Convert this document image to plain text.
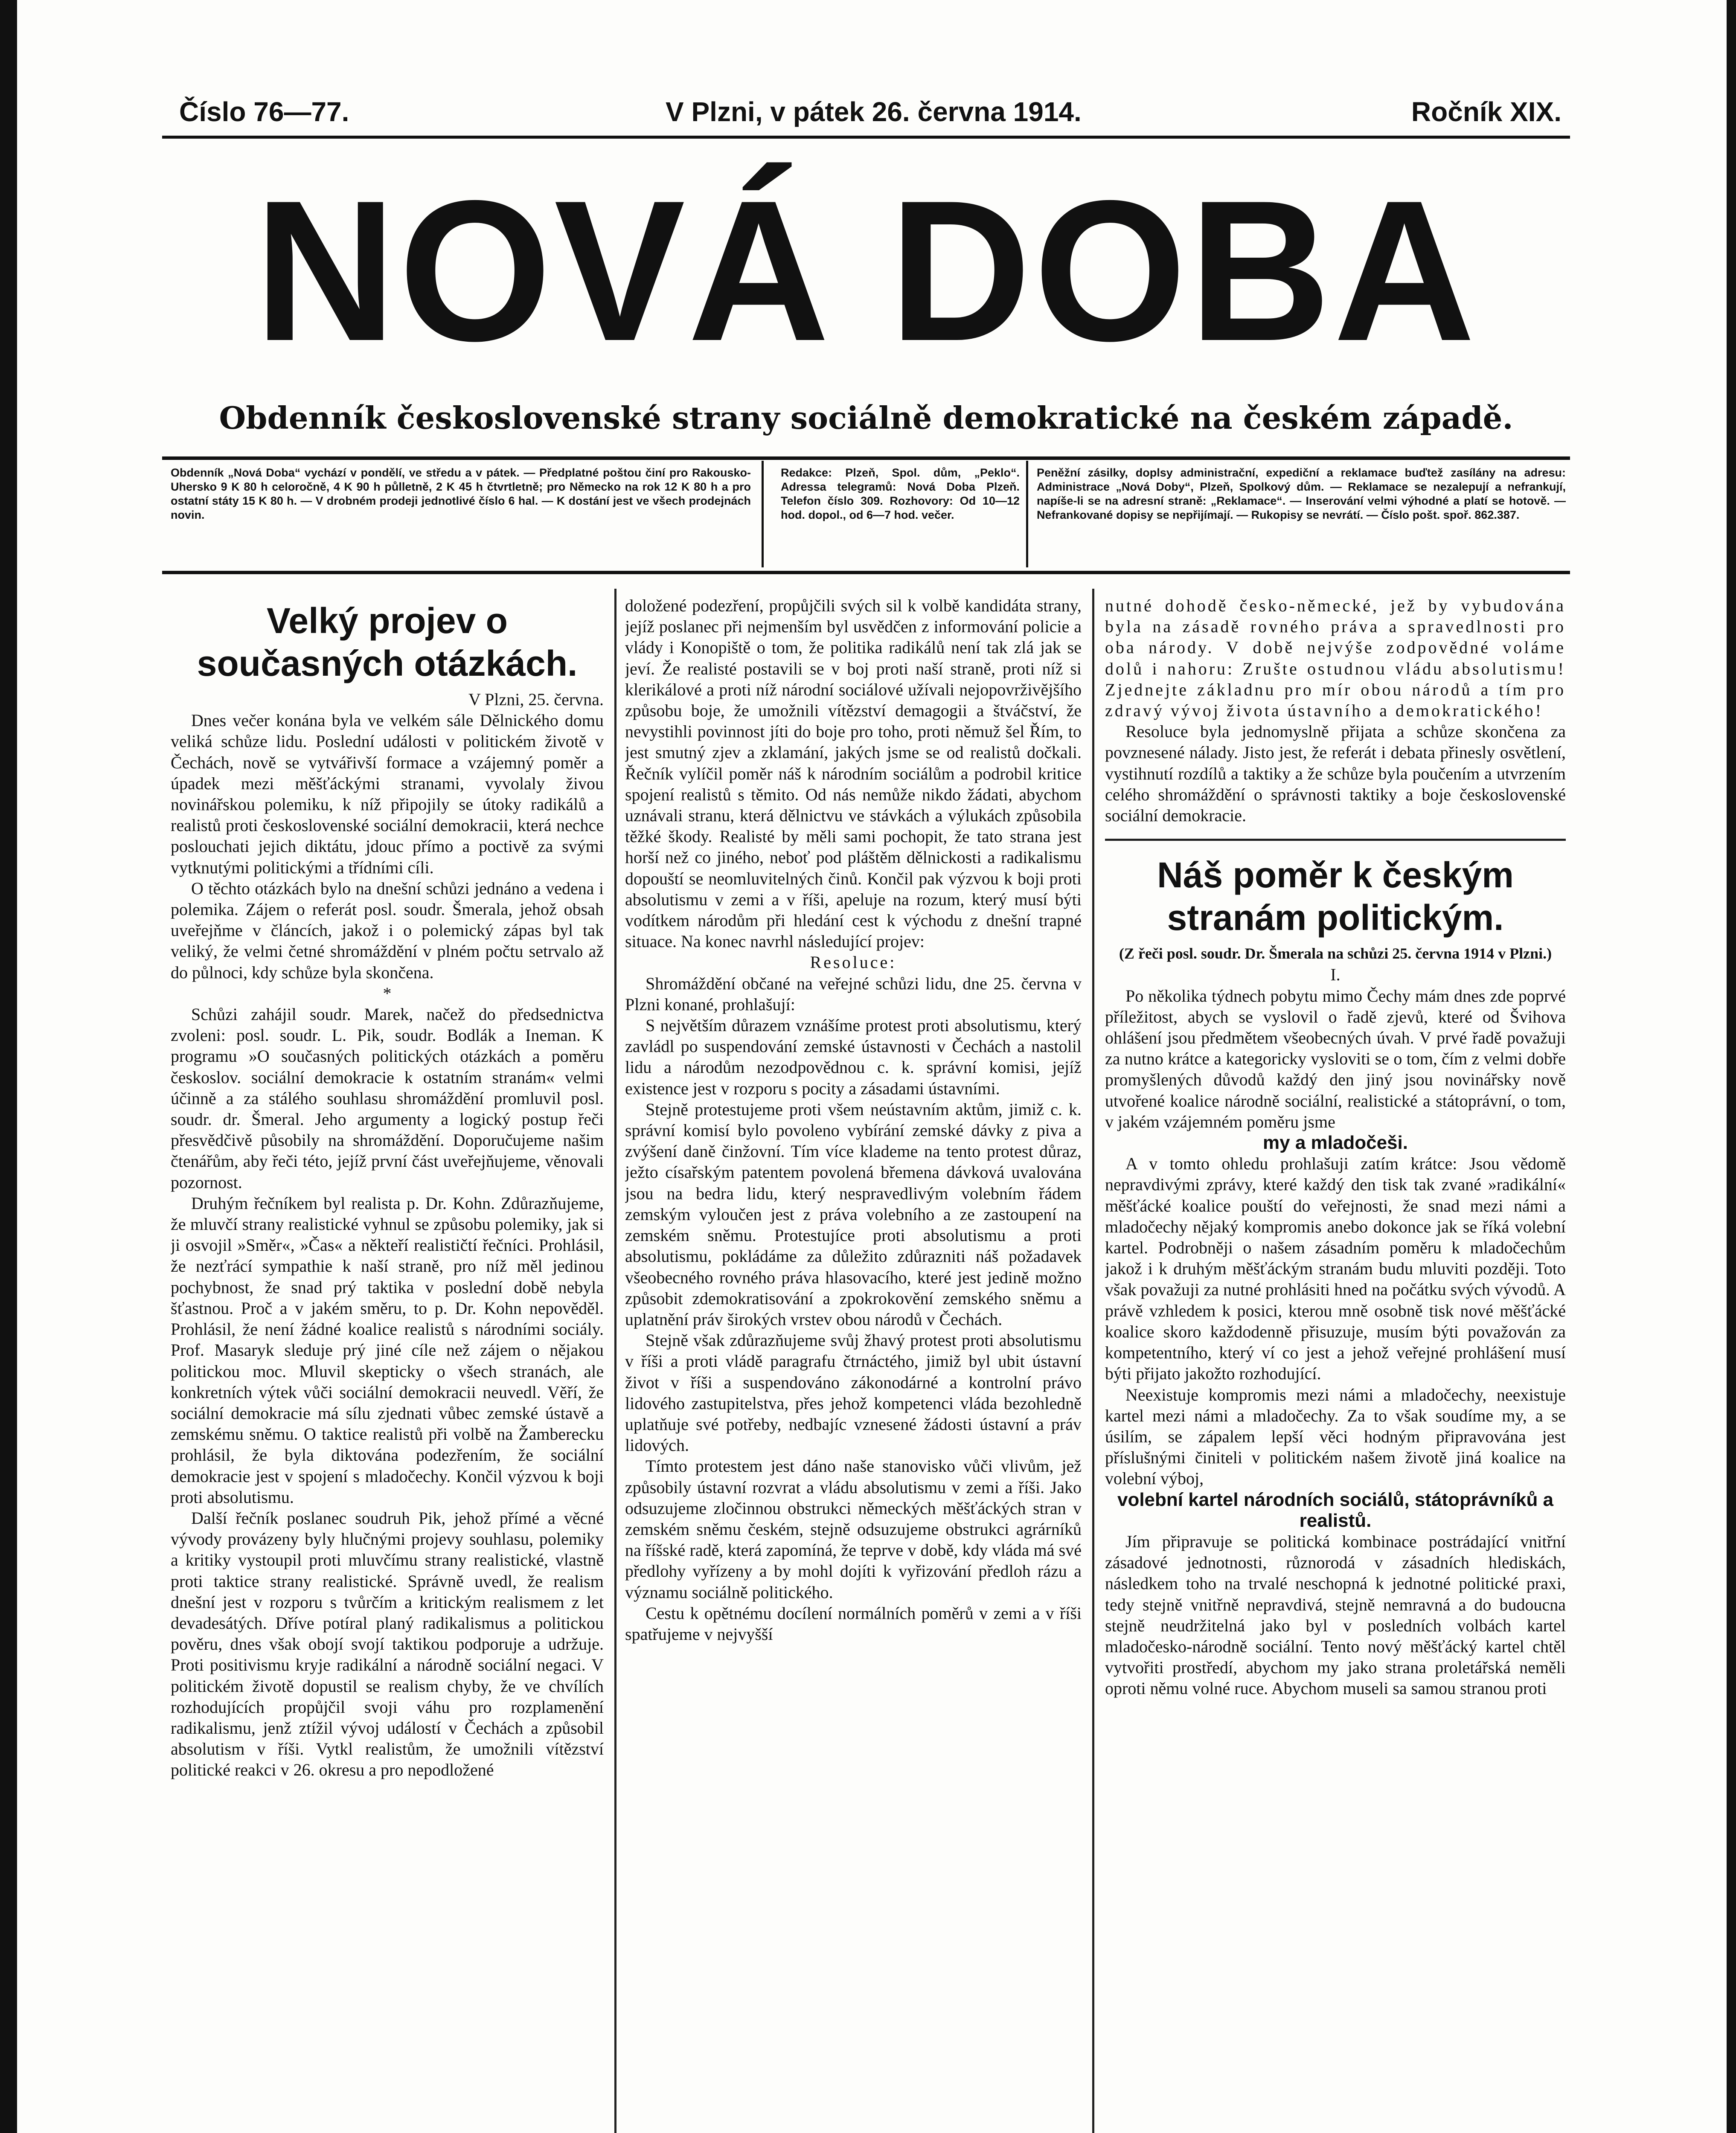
Číslo 76—77.	V Plzni, v pátek 26. června 1914.	Ročník XIX.
NOVÁ DOBA
Obdenník československé strany sociálně demokratické na českém západě.
Obdenník „Nová Doba“ vychází v pondělí, ve středu a v pátek. — Předplatné poštou činí pro Rakousko-Uhersko 9 K 80 h celoročně, 4 K 90 h půlletně, 2 K 45 h čtvrtletně; pro Německo na rok 12 K 80 h a pro ostatní státy 15 K 80 h. — V drobném prodeji jednotlivé číslo 6 hal. — K dostání jest ve všech prodejnách novin.
Redakce: Plzeň, Spol. dům, „Peklo“. Adressa telegramů: Nová Doba Plzeň. Telefon číslo 309. Rozhovory: Od 10—12 hod. dopol., od 6—7 hod. večer.
Peněžní zásilky, doplsy administrační, expediční a reklamace buďtež zasílány na adresu: Administrace „Nová Doby“, Plzeň, Spolkový dům. — Reklamace se nezalepují a nefrankují, napíše-li se na adresní straně: „Reklamace“. — Inserování velmi výhodné a platí se hotově. — Nefrankované dopisy se nepřijímají. — Rukopisy se nevrátí. — Číslo pošt. spoř. 862.387.

Velký projev o současných otázkách.

V Plzni, 25. června.

Dnes večer konána byla ve velkém sále Dělnického domu veliká schůze lidu. Poslední události v politickém životě v Čechách, nově se vytvářivší formace a vzájemný poměr a úpadek mezi měšťáckými stranami, vyvolaly živou novinářskou polemiku, k níž připojily se útoky radikálů a realistů proti československé sociální demokracii, která nechce poslouchati jejich diktátu, jdouc přímo a poctivě za svými vytknutými politickými a třídními cíli.

O těchto otázkách bylo na dnešní schůzi jednáno a vedena i polemika. Zájem o referát posl. soudr. Šmerala, jehož obsah uveřejňme v článcích, jakož i o polemický zápas byl tak veliký, že velmi četné shromáždění v plném počtu setrvalo až do půlnoci, kdy schůze byla skončena.

*

Schůzi zahájil soudr. Marek, načež do předsednictva zvoleni: posl. soudr. L. Pik, soudr. Bodlák a Ineman. K programu »O současných politických otázkách a poměru českoslov. sociální demokracie k ostatním stranám« velmi účinně a za stálého souhlasu shromáždění promluvil posl. soudr. dr. Šmeral. Jeho argumenty a logický postup řeči přesvědčivě působily na shromáždění. Doporučujeme našim čtenářům, aby řeči této, jejíž první část uveřejňujeme, věnovali pozornost.

Druhým řečníkem byl realista p. Dr. Kohn. Zdůrazňujeme, že mluvčí strany realistické vyhnul se způsobu polemiky, jak si ji osvojil »Směr«, »Čas« a někteří realističtí řečníci. Prohlásil, že nezťrácí sympathie k naší straně, pro níž měl jedinou pochybnost, že snad prý taktika v poslední době nebyla šťastnou. Proč a v jakém směru, to p. Dr. Kohn nepověděl. Prohlásil, že není žádné koalice realistů s národními sociály. Prof. Masaryk sleduje prý jiné cíle než zájem o nějakou politickou moc. Mluvil skepticky o všech stranách, ale konkretních výtek vůči sociální demokracii neuvedl. Věří, že sociální demokracie má sílu zjednati vůbec zemské ústavě a zemskému sněmu. O taktice realistů při volbě na Žamberecku prohlásil, že byla diktována podezřením, že sociální demokracie jest v spojení s mladočechy. Končil výzvou k boji proti absolutismu.

Další řečník poslanec soudruh Pik, jehož přímé a věcné vývody provázeny byly hlučnými projevy souhlasu, polemiky a kritiky vystoupil proti mluvčímu strany realistické, vlastně proti taktice strany realistické. Správně uvedl, že realism dnešní jest v rozporu s tvůrčím a kritickým realismem z let devadesátých. Dříve potíral planý radikalismus a politickou pověru, dnes však obojí svojí taktikou podporuje a udržuje. Proti positivismu kryje radikální a národně sociální negaci. V politickém životě dopustil se realism chyby, že ve chvílích rozhodujících propůjčil svoji váhu pro rozplamenění radikalismu, jenž ztížil vývoj událostí v Čechách a způsobil absolutism v říši. Vytkl realistům, že umožnili vítězství politické reakci v 26. okresu a pro nepodložené

doložené podezření, propůjčili svých sil k volbě kandidáta strany, jejíž poslanec při nejmenším byl usvědčen z informování policie a vlády i Konopiště o tom, že politika radikálů není tak zlá jak se jeví. Že realisté postavili se v boj proti naší straně, proti níž si klerikálové a proti níž národní sociálové užívali nejopovrživějšího způsobu boje, že umožnili vítězství demagogii a štváčství, že nevystihli povinnost jíti do boje pro toho, proti němuž šel Řím, to jest smutný zjev a zklamání, jakých jsme se od realistů dočkali. Řečník vylíčil poměr náš k národním sociálům a podrobil kritice spojení realistů s těmito. Od nás nemůže nikdo žádati, abychom uznávali stranu, která dělnictvu ve stávkách a výlukách způsobila těžké škody. Realisté by měli sami pochopit, že tato strana jest horší než co jiného, neboť pod pláštěm dělnickosti a radikalismu dopouští se neomluvitelných činů. Končil pak výzvou k boji proti absolutismu v zemi a v říši, apeluje na rozum, který musí býti vodítkem národům při hledání cest k východu z dnešní trapné situace. Na konec navrhl následující projev:

Resoluce:

Shromáždění občané na veřejné schůzi lidu, dne 25. června v Plzni konané, prohlašují:

S největším důrazem vznášíme protest proti absolutismu, který zavládl po suspendování zemské ústavnosti v Čechách a nastolil lidu a národům nezodpovědnou c. k. správní komisi, jejíž existence jest v rozporu s pocity a zásadami ústavními.

Stejně protestujeme proti všem neústavním aktům, jimiž c. k. správní komisí bylo povoleno vybírání zemské dávky z piva a zvýšení daně činžovní. Tím více klademe na tento protest důraz, ježto císařským patentem povolená břemena dávková uvalována jsou na bedra lidu, který nespravedlivým volebním řádem zemským vyloučen jest z práva volebního a ze zastoupení na zemském sněmu. Protestujíce proti absolutismu a proti absolutismu, pokládáme za důležito zdůrazniti náš požadavek všeobecného rovného práva hlasovacího, které jest jedině možno způsobit zdemokratisování a zpokrokovění zemského sněmu a uplatnění práv širokých vrstev obou národů v Čechách.

Stejně však zdůrazňujeme svůj žhavý protest proti absolutismu v říši a proti vládě paragrafu čtrnáctého, jimiž byl ubit ústavní život v říši a suspendováno zákonodárné a kontrolní právo lidového zastupitelstva, přes jehož kompetenci vláda bezohledně uplatňuje své potřeby, nedbajíc vznesené žádosti ústavní a práv lidových.

Tímto protestem jest dáno naše stanovisko vůči vlivům, jež způsobily ústavní rozvrat a vládu absolutismu v zemi a říši. Jako odsuzujeme zločinnou obstrukci německých měšťáckých stran v zemském sněmu českém, stejně odsuzujeme obstrukci agrárníků na říšské radě, která zapomíná, že teprve v době, kdy vláda má své předlohy vyřízeny a by mohl dojíti k vyřizování předloh rázu a významu sociálně politického.

Cestu k opětnému docílení normálních poměrů v zemi a v říši spatřujeme v nejvyšší

nutné dohodě česko-německé, jež by vybudována byla na zásadě rovného práva a spravedlnosti pro oba národy. V době nejvýše zodpovědné voláme dolů i nahoru: Zrušte ostudnou vládu absolutismu! Zjednejte základnu pro mír obou národů a tím pro zdravý vývoj života ústavního a demokratického!

Resoluce byla jednomyslně přijata a schůze skončena za povznesené nálady. Jisto jest, že referát i debata přinesly osvětlení, vystihnutí rozdílů a taktiky a že schůze byla poučením a utvrzením celého shromáždění o správnosti taktiky a boje československé sociální demokracie.

Náš poměr k českým stranám politickým.

(Z řeči posl. soudr. Dr. Šmerala na schůzi 25. června 1914 v Plzni.)

I.

Po několika týdnech pobytu mimo Čechy mám dnes zde poprvé příležitost, abych se vyslovil o řadě zjevů, které od Švihova ohlášení jsou předmětem všeobecných úvah. V prvé řadě považuji za nutno krátce a kategoricky vysloviti se o tom, čím z velmi dobře promyšlených důvodů každý den jiný jsou novinářsky nově utvořené koalice národně sociální, realistické a státoprávní, o tom, v jakém vzájemném poměru jsme

my a mladočeši.

A v tomto ohledu prohlašuji zatím krátce: Jsou vědomě nepravdivými zprávy, které každý den tisk tak zvané »radikální« měšťácké koalice pouští do veřejnosti, že snad mezi námi a mladočechy nějaký kompromis anebo dokonce jak se říká volební kartel. Podrobněji o našem zásadním poměru k mladočechům jakož i k druhým měšťáckým stranám budu mluviti později. Toto však považuji za nutné prohlásiti hned na počátku svých vývodů. A právě vzhledem k posici, kterou mně osobně tisk nové měšťácké koalice skoro každodenně přisuzuje, musím býti považován za kompetentního, který ví co jest a jehož veřejné prohlášení musí býti přijato jakožto rozhodující.

Neexistuje kompromis mezi námi a mladočechy, neexistuje kartel mezi námi a mladočechy. Za to však soudíme my, a se úsilím, se zápalem lepší věci hodným připravována jest příslušnými činiteli v politickém našem životě jiná koalice na volební výboj,

volební kartel národních sociálů, státoprávníků a realistů.

Jím připravuje se politická kombinace postrádající vnitřní zásadové jednotnosti, různorodá v zásadních hlediskách, následkem toho na trvalé neschopná k jednotné politické praxi, tedy stejně vnitřně nepravdivá, stejně nemravná a do budoucna stejně neudržitelná jako byl v posledních volbách kartel mladočesko-národně sociální. Tento nový měšťácký kartel chtěl vytvořiti prostředí, abychom my jako strana proletářská neměli oproti němu volné ruce. Abychom museli sa samou stranou proti
